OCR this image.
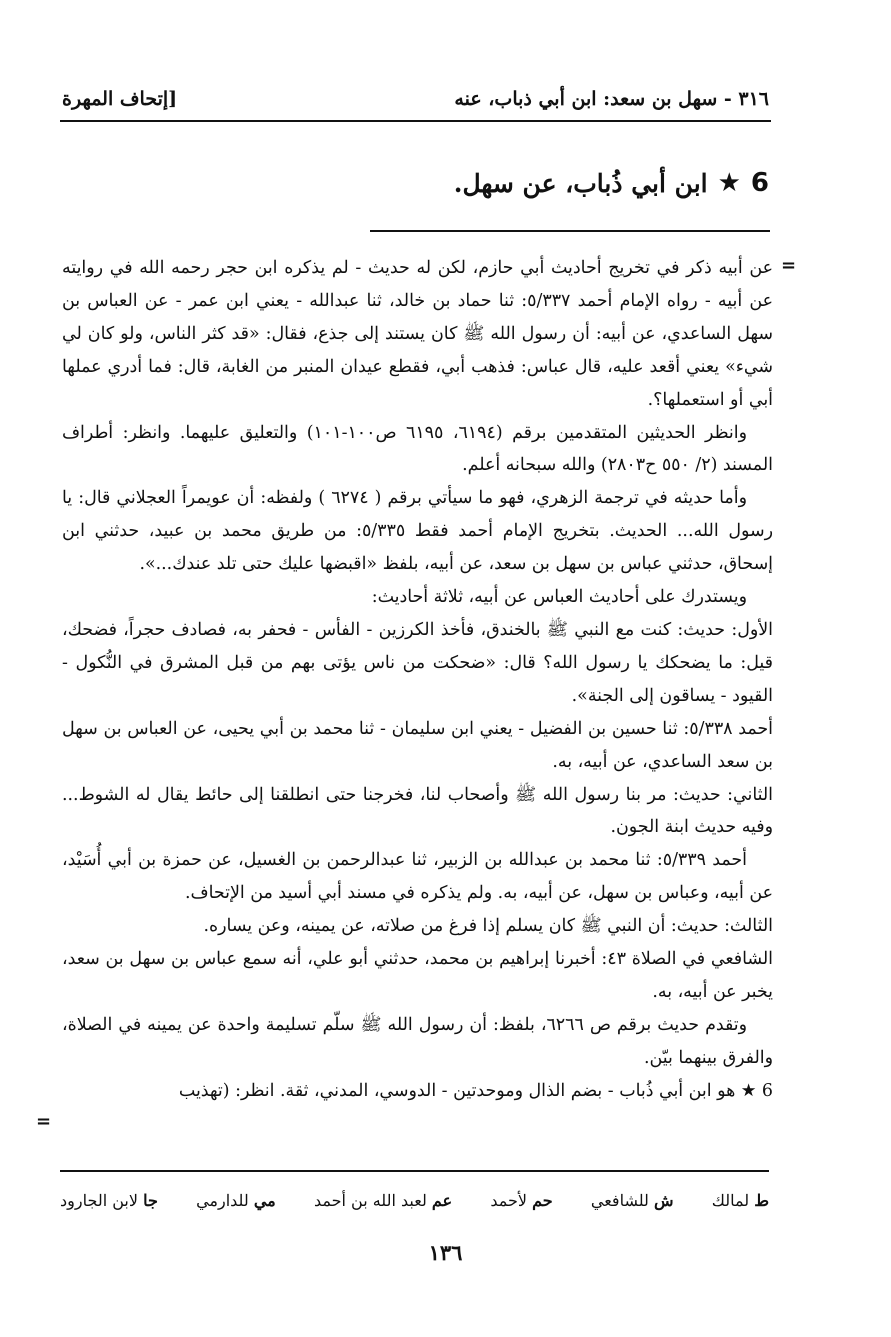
٣١٦ - سهل بن سعد: ابن أبي ذباب، عنه
[إتحاف المهرة
6
★
ابن أبي ذُباب، عن سهل.
=

عن أبيه ذكر في تخريج أحاديث أبي حازم، لكن له حديث - لم يذكره ابن حجر رحمه الله في روايته عن أبيه - رواه الإمام أحمد ٥/٣٣٧: ثنا حماد بن خالد، ثنا عبدالله - يعني ابن عمر - عن العباس بن سهل الساعدي، عن أبيه: أن رسول الله ﷺ كان يستند إلى جذع، فقال: «قد كثر الناس، ولو كان لي شيء» يعني أقعد عليه، قال عباس: فذهب أبي، فقطع عيدان المنبر من الغابة، قال: فما أدري عملها أبي أو استعملها؟.

وانظر الحديثين المتقدمين برقم (٦١٩٤، ٦١٩٥ ص١٠٠-١٠١) والتعليق عليهما. وانظر: أطراف المسند (٢/ ٥٥٠ ح٢٨٠٣) والله سبحانه أعلم.

وأما حديثه في ترجمة الزهري، فهو ما سيأتي برقم ( ٦٢٧٤ ) ولفظه: أن عويمراً العجلاني قال: يا رسول الله... الحديث. بتخريج الإمام أحمد فقط ٥/٣٣٥: من طريق محمد بن عبيد، حدثني ابن إسحاق، حدثني عباس بن سهل بن سعد، عن أبيه، بلفظ «اقبضها عليك حتى تلد عندك...».

ويستدرك على أحاديث العباس عن أبيه، ثلاثة أحاديث:

الأول: حديث: كنت مع النبي ﷺ بالخندق، فأخذ الكرزين - الفأس - فحفر به، فصادف حجراً، فضحك، قيل: ما يضحكك يا رسول الله؟ قال: «ضحكت من ناس يؤتى بهم من قبل المشرق في النُّكول - القيود - يساقون إلى الجنة».

أحمد ٥/٣٣٨: ثنا حسين بن الفضيل - يعني ابن سليمان - ثنا محمد بن أبي يحيى، عن العباس بن سهل بن سعد الساعدي، عن أبيه، به.

الثاني: حديث: مر بنا رسول الله ﷺ وأصحاب لنا، فخرجنا حتى انطلقنا إلى حائط يقال له الشوط... وفيه حديث ابنة الجون.

أحمد ٥/٣٣٩: ثنا محمد بن عبدالله بن الزبير، ثنا عبدالرحمن بن الغسيل، عن حمزة بن أبي أُسَيْد، عن أبيه، وعباس بن سهل، عن أبيه، به. ولم يذكره في مسند أبي أسيد من الإتحاف.

الثالث: حديث: أن النبي ﷺ كان يسلم إذا فرغ من صلاته، عن يمينه، وعن يساره.

الشافعي في الصلاة ٤٣: أخبرنا إبراهيم بن محمد، حدثني أبو علي، أنه سمع عباس بن سهل بن سعد، يخبر عن أبيه، به.

وتقدم حديث برقم ص ٦٢٦٦، بلفظ: أن رسول الله ﷺ سلّم تسليمة واحدة عن يمينه في الصلاة، والفرق بينهما بيّن.

6 ★ هو ابن أبي ذُباب - بضم الذال وموحدتين - الدوسي، المدني، ثقة. انظر: (تهذيب

=
ط لمالك
ش للشافعي
حم لأحمد
عم لعبد الله بن أحمد
مي للدارمي
جا لابن الجارود
١٣٦
